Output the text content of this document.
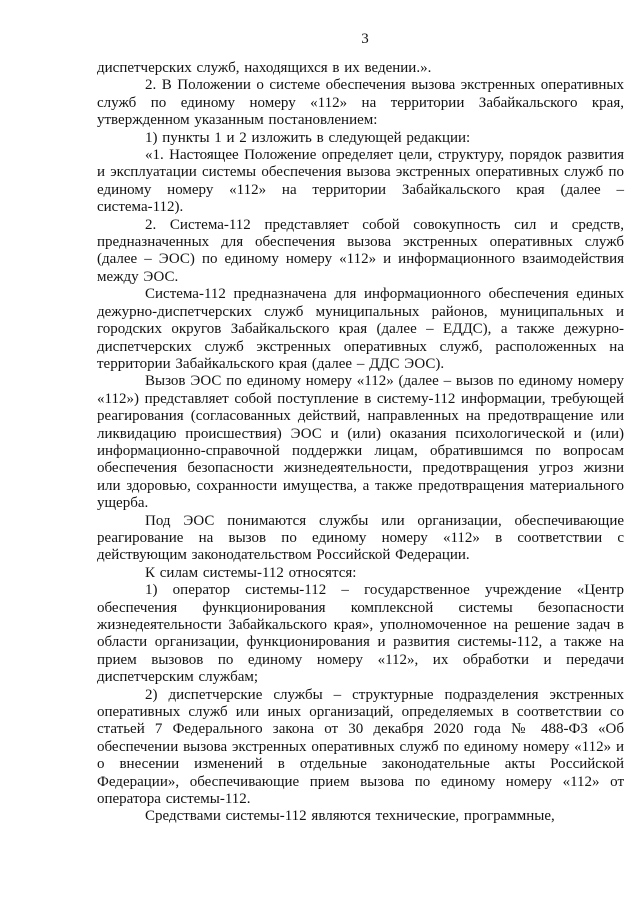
3

диспетчерских служб, находящихся в их ведении.».

2. В Положении о системе обеспечения вызова экстренных оперативных служб по единому номеру «112» на территории Забайкальского края, утвержденном указанным постановлением:

1) пункты 1 и 2 изложить в следующей редакции:

«1. Настоящее Положение определяет цели, структуру, порядок развития и эксплуатации системы обеспечения вызова экстренных оперативных служб по единому номеру «112» на территории Забайкальского края (далее – система-112).

2. Система-112 представляет собой совокупность сил и средств, предназначенных для обеспечения вызова экстренных оперативных служб (далее – ЭОС) по единому номеру «112» и информационного взаимодействия между ЭОС.

Система-112 предназначена для информационного обеспечения единых дежурно-диспетчерских служб муниципальных районов, муниципальных и городских округов Забайкальского края (далее – ЕДДС), а также дежурно-диспетчерских служб экстренных оперативных служб, расположенных на территории Забайкальского края (далее – ДДС ЭОС).

Вызов ЭОС по единому номеру «112» (далее – вызов по единому номеру «112») представляет собой поступление в систему-112 информации, требующей реагирования (согласованных действий, направленных на предотвращение или ликвидацию происшествия) ЭОС и (или) оказания психологической и (или) информационно-справочной поддержки лицам, обратившимся по вопросам обеспечения безопасности жизнедеятельности, предотвращения угроз жизни или здоровью, сохранности имущества, а также предотвращения материального ущерба.

Под ЭОС понимаются службы или организации, обеспечивающие реагирование на вызов по единому номеру «112» в соответствии с действующим законодательством Российской Федерации.

К силам системы-112 относятся:

1) оператор системы-112 – государственное учреждение «Центр обеспечения функционирования комплексной системы безопасности жизнедеятельности Забайкальского края», уполномоченное на решение задач в области организации, функционирования и развития системы-112, а также на прием вызовов по единому номеру «112», их обработки и передачи диспетчерским службам;

2) диспетчерские службы – структурные подразделения экстренных оперативных служб или иных организаций, определяемых в соответствии со статьей 7 Федерального закона от 30 декабря 2020 года № 488-ФЗ «Об обеспечении вызова экстренных оперативных служб по единому номеру «112» и о внесении изменений в отдельные законодательные акты Российской Федерации», обеспечивающие прием вызова по единому номеру «112» от оператора системы-112.

Средствами системы-112 являются технические, программные,
